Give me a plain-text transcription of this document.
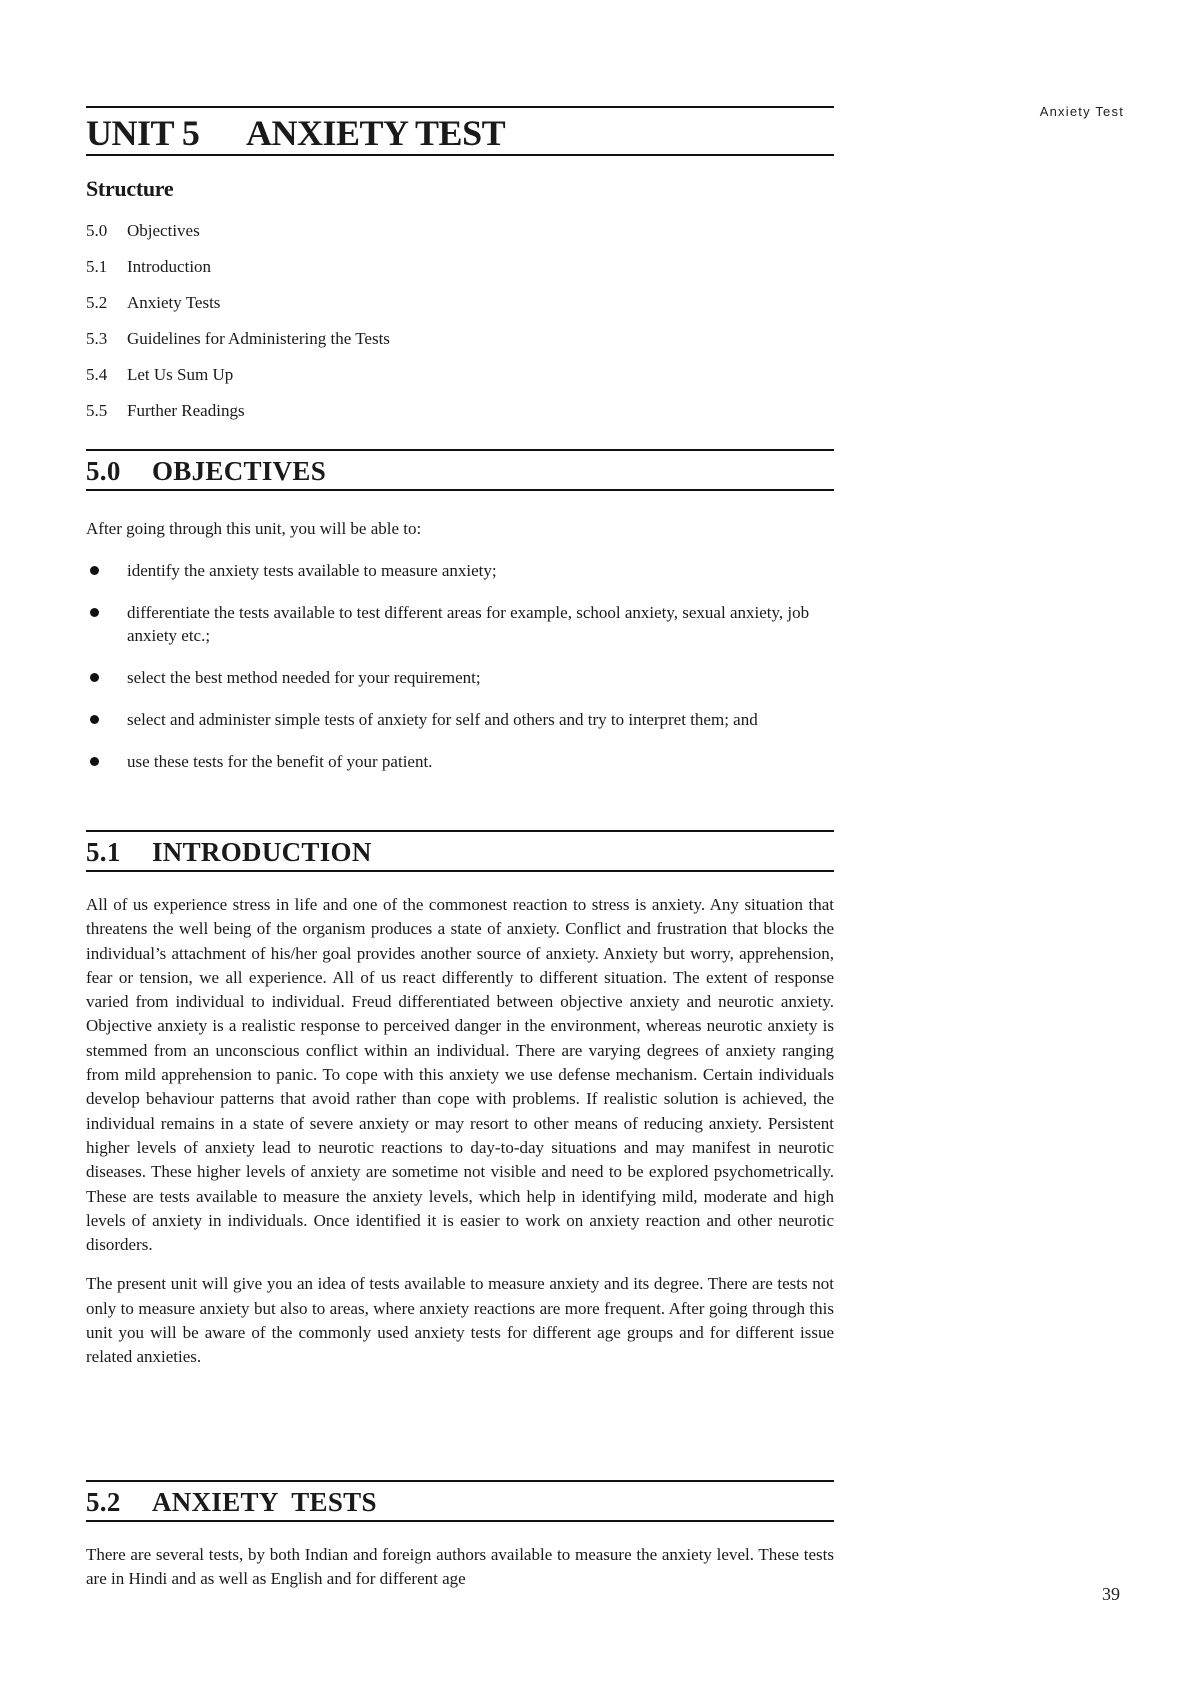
Anxiety Test
UNIT 5 ANXIETY TEST
Structure
5.0 Objectives
5.1 Introduction
5.2 Anxiety Tests
5.3 Guidelines for Administering the Tests
5.4 Let Us Sum Up
5.5 Further Readings
5.0 OBJECTIVES

After going through this unit, you will be able to:

identify the anxiety tests available to measure anxiety;
differentiate the tests available to test different areas for example, school anxiety, sexual anxiety, job anxiety etc.;
select the best method needed for your requirement;
select and administer simple tests of anxiety for self and others and try to interpret them; and
use these tests for the benefit of your patient.
5.1 INTRODUCTION

All of us experience stress in life and one of the commonest reaction to stress is anxiety. Any situation that threatens the well being of the organism produces a state of anxiety. Conflict and frustration that blocks the individual’s attachment of his/her goal provides another source of anxiety. Anxiety but worry, apprehension, fear or tension, we all experience. All of us react differently to different situation. The extent of response varied from individual to individual. Freud differentiated between objective anxiety and neurotic anxiety. Objective anxiety is a realistic response to perceived danger in the environment, whereas neurotic anxiety is stemmed from an unconscious conflict within an individual. There are varying degrees of anxiety ranging from mild apprehension to panic. To cope with this anxiety we use defense mechanism. Certain individuals develop behaviour patterns that avoid rather than cope with problems. If realistic solution is achieved, the individual remains in a state of severe anxiety or may resort to other means of reducing anxiety. Persistent higher levels of anxiety lead to neurotic reactions to day-to-day situations and may manifest in neurotic diseases. These higher levels of anxiety are sometime not visible and need to be explored psychometrically. These are tests available to measure the anxiety levels, which help in identifying mild, moderate and high levels of anxiety in individuals. Once identified it is easier to work on anxiety reaction and other neurotic disorders.

The present unit will give you an idea of tests available to measure anxiety and its degree. There are tests not only to measure anxiety but also to areas, where anxiety reactions are more frequent. After going through this unit you will be aware of the commonly used anxiety tests for different age groups and for different issue related anxieties.

5.2 ANXIETY  TESTS

There are several tests, by both Indian and foreign authors available to measure the anxiety level. These tests are in Hindi and as well as English and for different age

39
